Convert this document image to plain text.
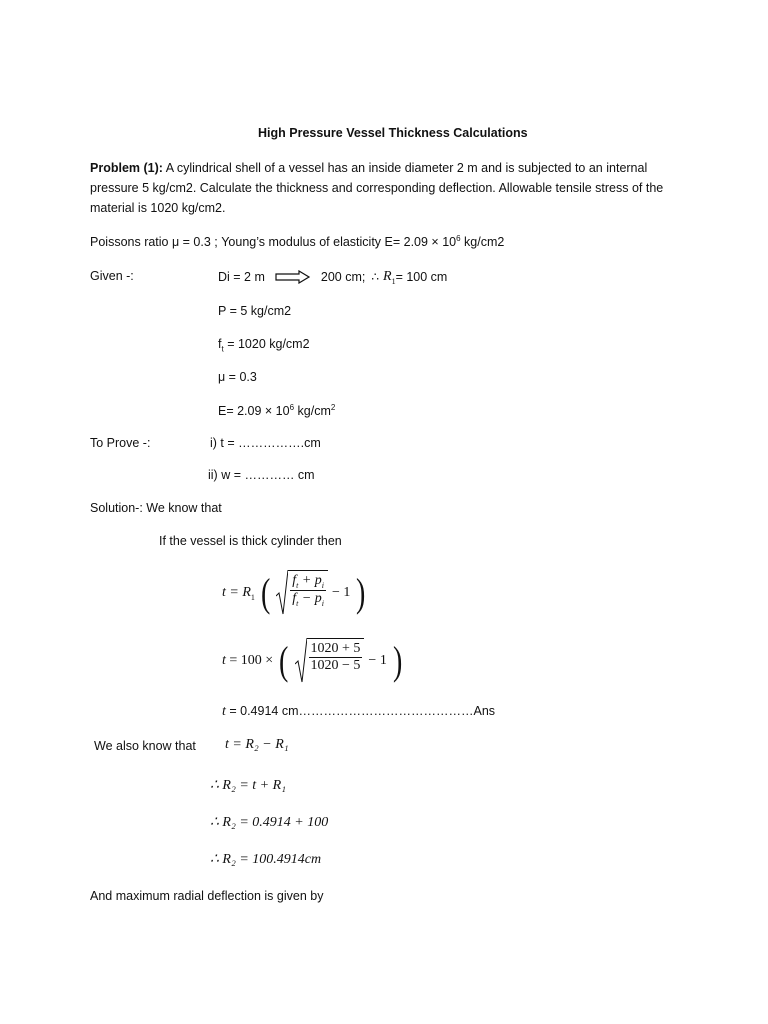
High Pressure Vessel Thickness Calculations
Problem (1): A cylindrical shell of a vessel has an inside diameter 2 m and is subjected to an internal pressure 5 kg/cm2. Calculate the thickness and corresponding deflection. Allowable tensile stress of the material is 1020 kg/cm2.
Poissons ratio μ = 0.3 ; Young’s modulus of elasticity $E= 2.09 \times 10^6$ kg/cm2
Given -:	Di = 2 m	200 cm; ∴ $R_1 = 100$ cm
P = 5 kg/cm2
$f_t = 1020$ kg/cm2
μ = 0.3
$E= 2.09 \times 10^6$ $kg/cm^2$
To Prove -:	i) t = …………….cm
ii) w = ………… cm
Solution-: We know that
If the vessel is thick cylinder then
$t = R_1$ ( $\frac{f_t + p_i}{f_t - p_i} - 1$ )
t = 100 × ( $\frac{1020 + 5}{1020 - 5} - 1$ )
t = 0.4914 cm……………………………………Ans
We also know that t = R₂ − R₁
∴ R₂ = t + R₁
∴ R₂ = 0.4914 + 100
∴ R₂ = 100.4914cm
And maximum radial deflection is given by
